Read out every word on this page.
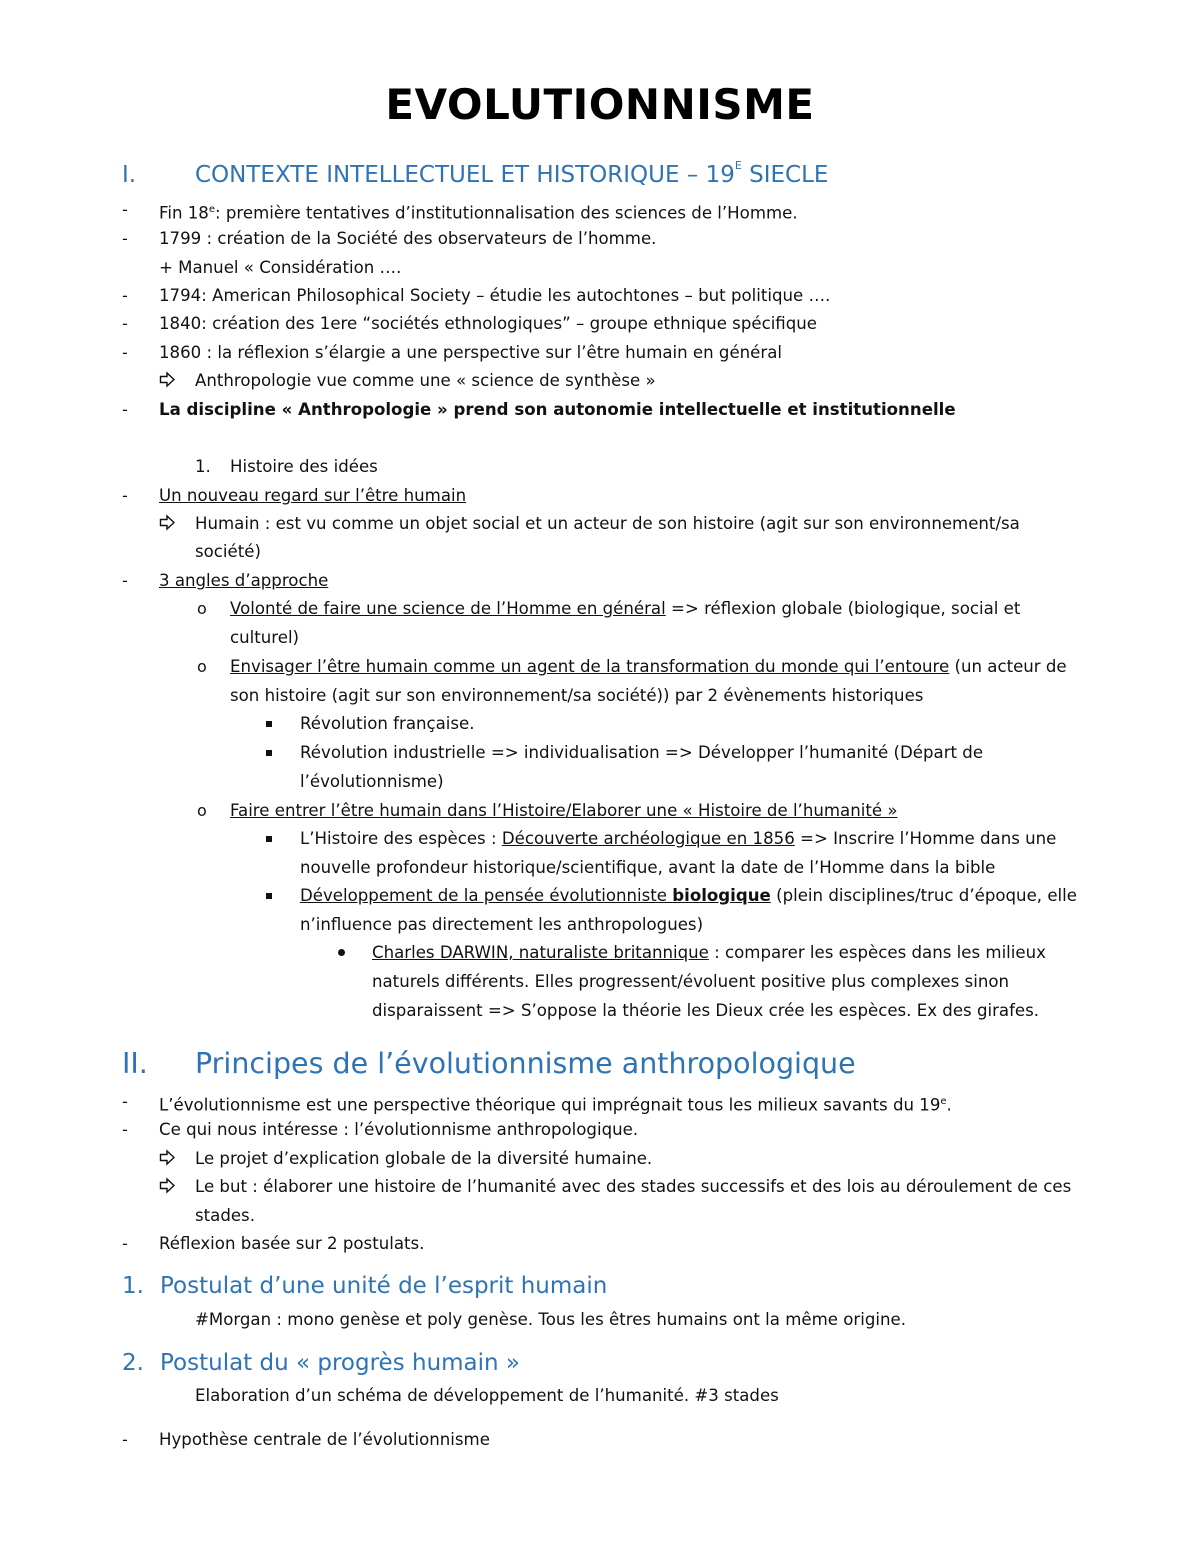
EVOLUTIONNISME
I.	CONTEXTE INTELLECTUEL ET HISTORIQUE – $19^E$ SIECLE
- Fin 18e: première tentatives d’institutionnalisation des sciences de l’Homme.
- 1799 : création de la Société des observateurs de l’homme.
+ Manuel « Considération ….
- 1794: American Philosophical Society – étudie les autochtones – but politique ….
- 1840: création des 1ere “sociétés ethnologiques” – groupe ethnique spécifique
- 1860 : la réflexion s’élargie a une perspective sur l’être humain en général
Anthropologie vue comme une « science de synthèse »
- La discipline « Anthropologie » prend son autonomie intellectuelle et institutionnelle
1. Histoire des idées
- Un nouveau regard sur l’être humain
Humain : est vu comme un objet social et un acteur de son histoire (agit sur son environnement/sa
société)
- 3 angles d’approche
o Volonté de faire une science de l’Homme en général => réflexion globale (biologique, social et
culturel)
o Envisager l’être humain comme un agent de la transformation du monde qui l’entoure (un acteur de
son histoire (agit sur son environnement/sa société)) par 2 évènements historiques
Révolution française.
Révolution industrielle => individualisation => Développer l’humanité (Départ de
l’évolutionnisme)
o Faire entrer l’être humain dans l’Histoire/Elaborer une « Histoire de l’humanité »
L’Histoire des espèces : Découverte archéologique en 1856 => Inscrire l’Homme dans une
nouvelle profondeur historique/scientifique, avant la date de l’Homme dans la bible
Développement de la pensée évolutionniste biologique (plein disciplines/truc d’époque, elle
n’influence pas directement les anthropologues)
Charles DARWIN, naturaliste britannique : comparer les espèces dans les milieux
naturels différents. Elles progressent/évoluent positive plus complexes sinon
disparaissent => S’oppose la théorie les Dieux crée les espèces. Ex des girafes.
II. Principes de l’évolutionnisme anthropologique
- L’évolutionnisme est une perspective théorique qui imprégnait tous les milieux savants du 19e.
- Ce qui nous intéresse : l’évolutionnisme anthropologique.
Le projet d’explication globale de la diversité humaine.
Le but : élaborer une histoire de l’humanité avec des stades successifs et des lois au déroulement de ces
stades.
- Réflexion basée sur 2 postulats.
1. Postulat d’une unité de l’esprit humain
#Morgan : mono genèse et poly genèse. Tous les êtres humains ont la même origine.
2. Postulat du « progrès humain »
Elaboration d’un schéma de développement de l’humanité. #3 stades
- Hypothèse centrale de l’évolutionnisme
